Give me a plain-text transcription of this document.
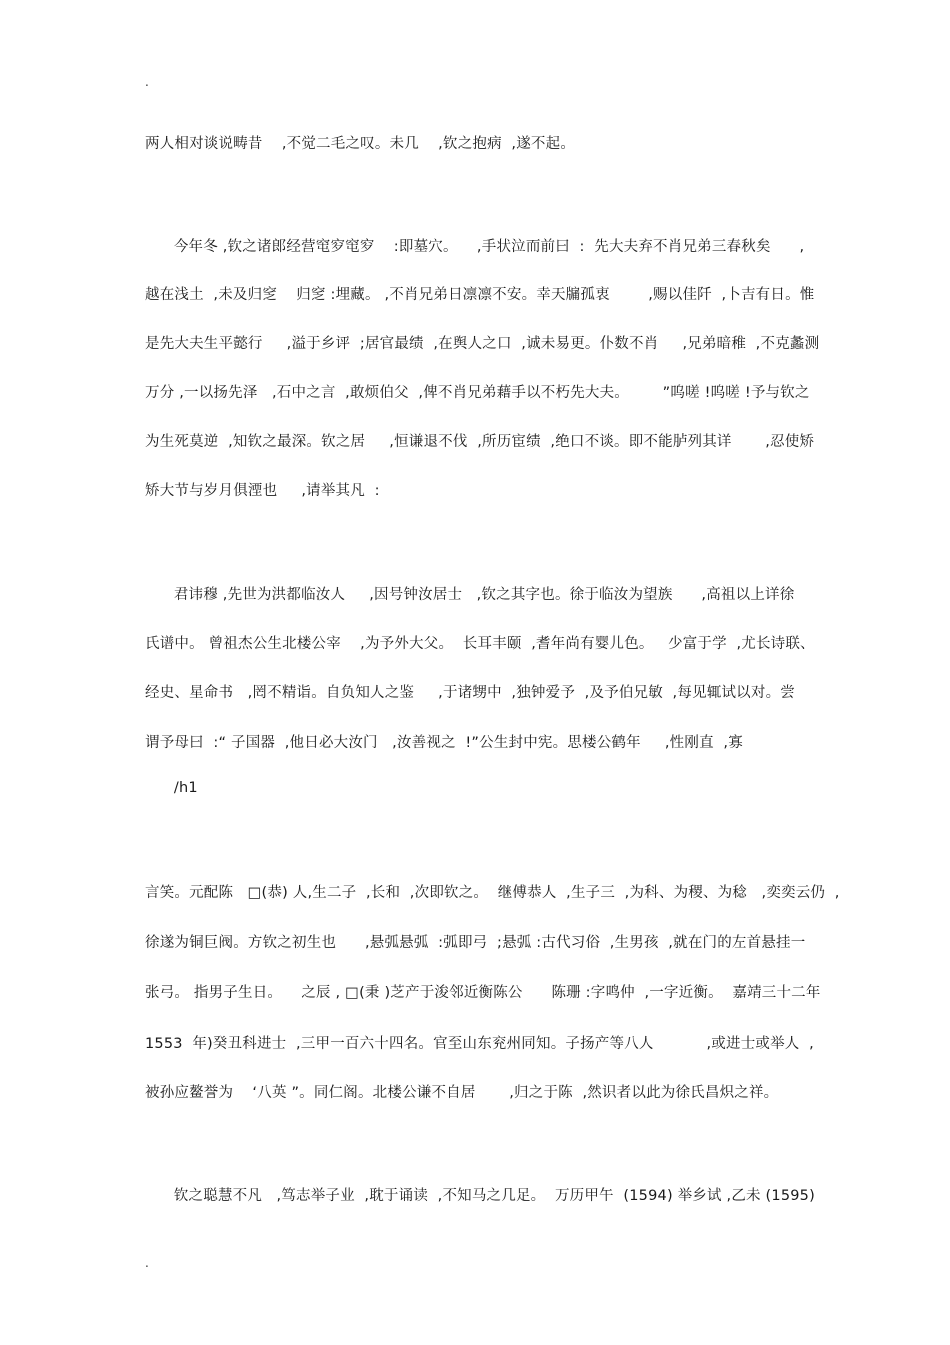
.
两人相对谈说畴昔    ,不觉二毛之叹。未几    ,钦之抱病  ,遂不起。
今年冬 ,钦之诸郎经营窀穸窀穸    :即墓穴。    ,手状泣而前曰  :  先大夫弃不肖兄弟三春秋矣      ,
越在浅土  ,未及归窆    归窆 :埋藏。 ,不肖兄弟日凛凛不安。幸天牖孤衷        ,赐以佳阡  ,卜吉有日。惟
是先大夫生平懿行     ,溢于乡评  ;居官最绩  ,在舆人之口  ,诚未易更。仆数不肖     ,兄弟暗稚  ,不克蠡测
万分 ,一以扬先泽   ,石中之言  ,敢烦伯父  ,俾不肖兄弟藉手以不朽先大夫。       ”呜嗟 !呜嗟 !予与钦之
为生死莫逆  ,知钦之最深。钦之居     ,恒谦退不伐  ,所历宦绩  ,绝口不谈。即不能胪列其详       ,忍使矫
矫大节与岁月俱湮也     ,请举其凡  :
君讳穆 ,先世为洪都临汝人     ,因号钟汝居士   ,钦之其字也。徐于临汝为望族      ,高祖以上详徐
氏谱中。 曾祖杰公生北楼公宰    ,为予外大父。  长耳丰颐  ,耆年尚有婴儿色。   少富于学  ,尤长诗联、
经史、星命书   ,罔不精诣。自负知人之鉴     ,于诸甥中  ,独钟爱予  ,及予伯兄敏  ,每见辄试以对。尝
谓予母曰  :“ 子国器  ,他日必大汝门   ,汝善视之  !”公生封中宪。思楼公鹤年     ,性刚直  ,寡
/h1
言笑。元配陈   □(恭) 人,生二子  ,长和  ,次即钦之。  继傅恭人  ,生子三  ,为科、为稷、为稔   ,奕奕云仍  ,
徐遂为铜巨阀。方钦之初生也      ,悬弧悬弧  :弧即弓  ;悬弧 :古代习俗  ,生男孩  ,就在门的左首悬挂一
张弓。 指男子生日。    之辰 , □(秉 )芝产于浚邻近衡陈公      陈珊 :字鸣仲  ,一字近衡。  嘉靖三十二年
1553  年)癸丑科进士  ,三甲一百六十四名。官至山东兖州同知。子扬产等八人           ,或进士或举人  ,
被孙应鳌誉为    ‘八英 ”。同仁阁。北楼公谦不自居       ,归之于陈  ,然识者以此为徐氏昌炽之祥。
钦之聪慧不凡   ,笃志举子业  ,耽于诵读  ,不知马之几足。  万历甲午  (1594) 举乡试 ,乙未 (1595)
.
